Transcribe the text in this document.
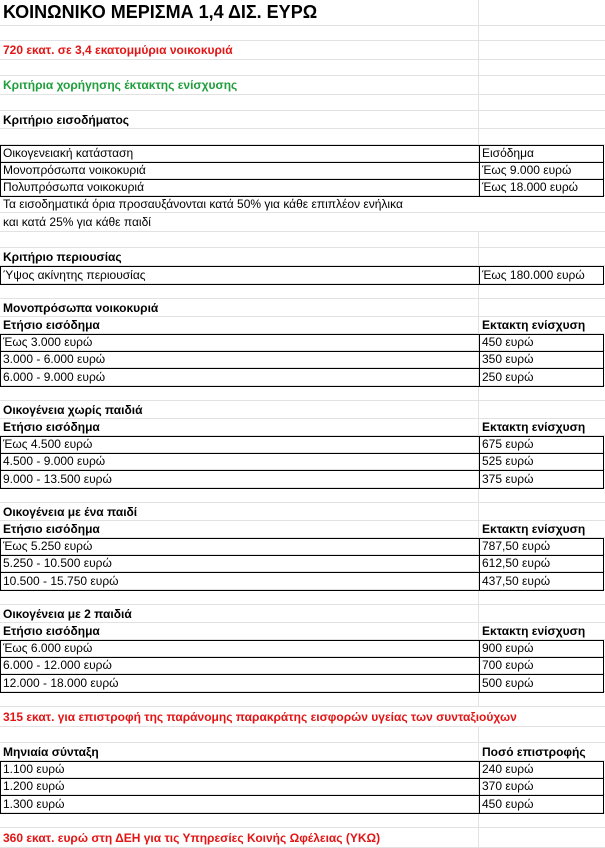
ΚΟΙΝΩΝΙΚΟ ΜΕΡΙΣΜΑ 1,4 ΔΙΣ. ΕΥΡΩ
720 εκατ. σε 3,4 εκατομμύρια νοικοκυριά
Κριτήρια χορήγησης έκτακτης ενίσχυσης
Κριτήριο εισοδήματος
Οικογενειακή κατάσταση	Εισόδημα
Μονοπρόσωπα νοικοκυριά	Έως 9.000 ευρώ
Πολυπρόσωπα νοικοκυριά	Έως 18.000 ευρώ
Τα εισοδηματικά όρια προσαυξάνονται κατά 50% για κάθε επιπλέον ενήλικα
και κατά 25% για κάθε παιδί
Κριτήριο περιουσίας
Ύψος ακίνητης περιουσίας	Έως 180.000 ευρώ
Μονοπρόσωπα νοικοκυριά
Ετήσιο εισόδημα	Εκτακτη ενίσχυση
Έως 3.000 ευρώ	450 ευρώ
3.000 - 6.000 ευρώ	350 ευρώ
6.000 - 9.000 ευρώ	250 ευρώ
Οικογένεια χωρίς παιδιά
Ετήσιο εισόδημα	Εκτακτη ενίσχυση
Έως 4.500 ευρώ	675 ευρώ
4.500 - 9.000 ευρώ	525 ευρώ
9.000 - 13.500 ευρώ	375 ευρώ
Οικογένεια με ένα παιδί
Ετήσιο εισόδημα	Εκτακτη ενίσχυση
Έως 5.250 ευρώ	787,50 ευρώ
5.250 - 10.500 ευρώ	612,50 ευρώ
10.500 - 15.750 ευρώ	437,50 ευρώ
Οικογένεια με 2 παιδιά
Ετήσιο εισόδημα	Εκτακτη ενίσχυση
Έως 6.000 ευρώ	900 ευρώ
6.000 - 12.000 ευρώ	700 ευρώ
12.000 - 18.000 ευρώ	500 ευρώ
315 εκατ. για επιστροφή της παράνομης παρακράτης εισφορών υγείας των συνταξιούχων
Μηνιαία σύνταξη	Ποσό επιστροφής
1.100 ευρώ	240 ευρώ
1.200 ευρώ	370 ευρώ
1.300 ευρώ	450 ευρώ
360 εκατ. ευρώ στη ΔΕΗ για τις Υπηρεσίες Κοινής Ωφέλειας (ΥΚΩ)
